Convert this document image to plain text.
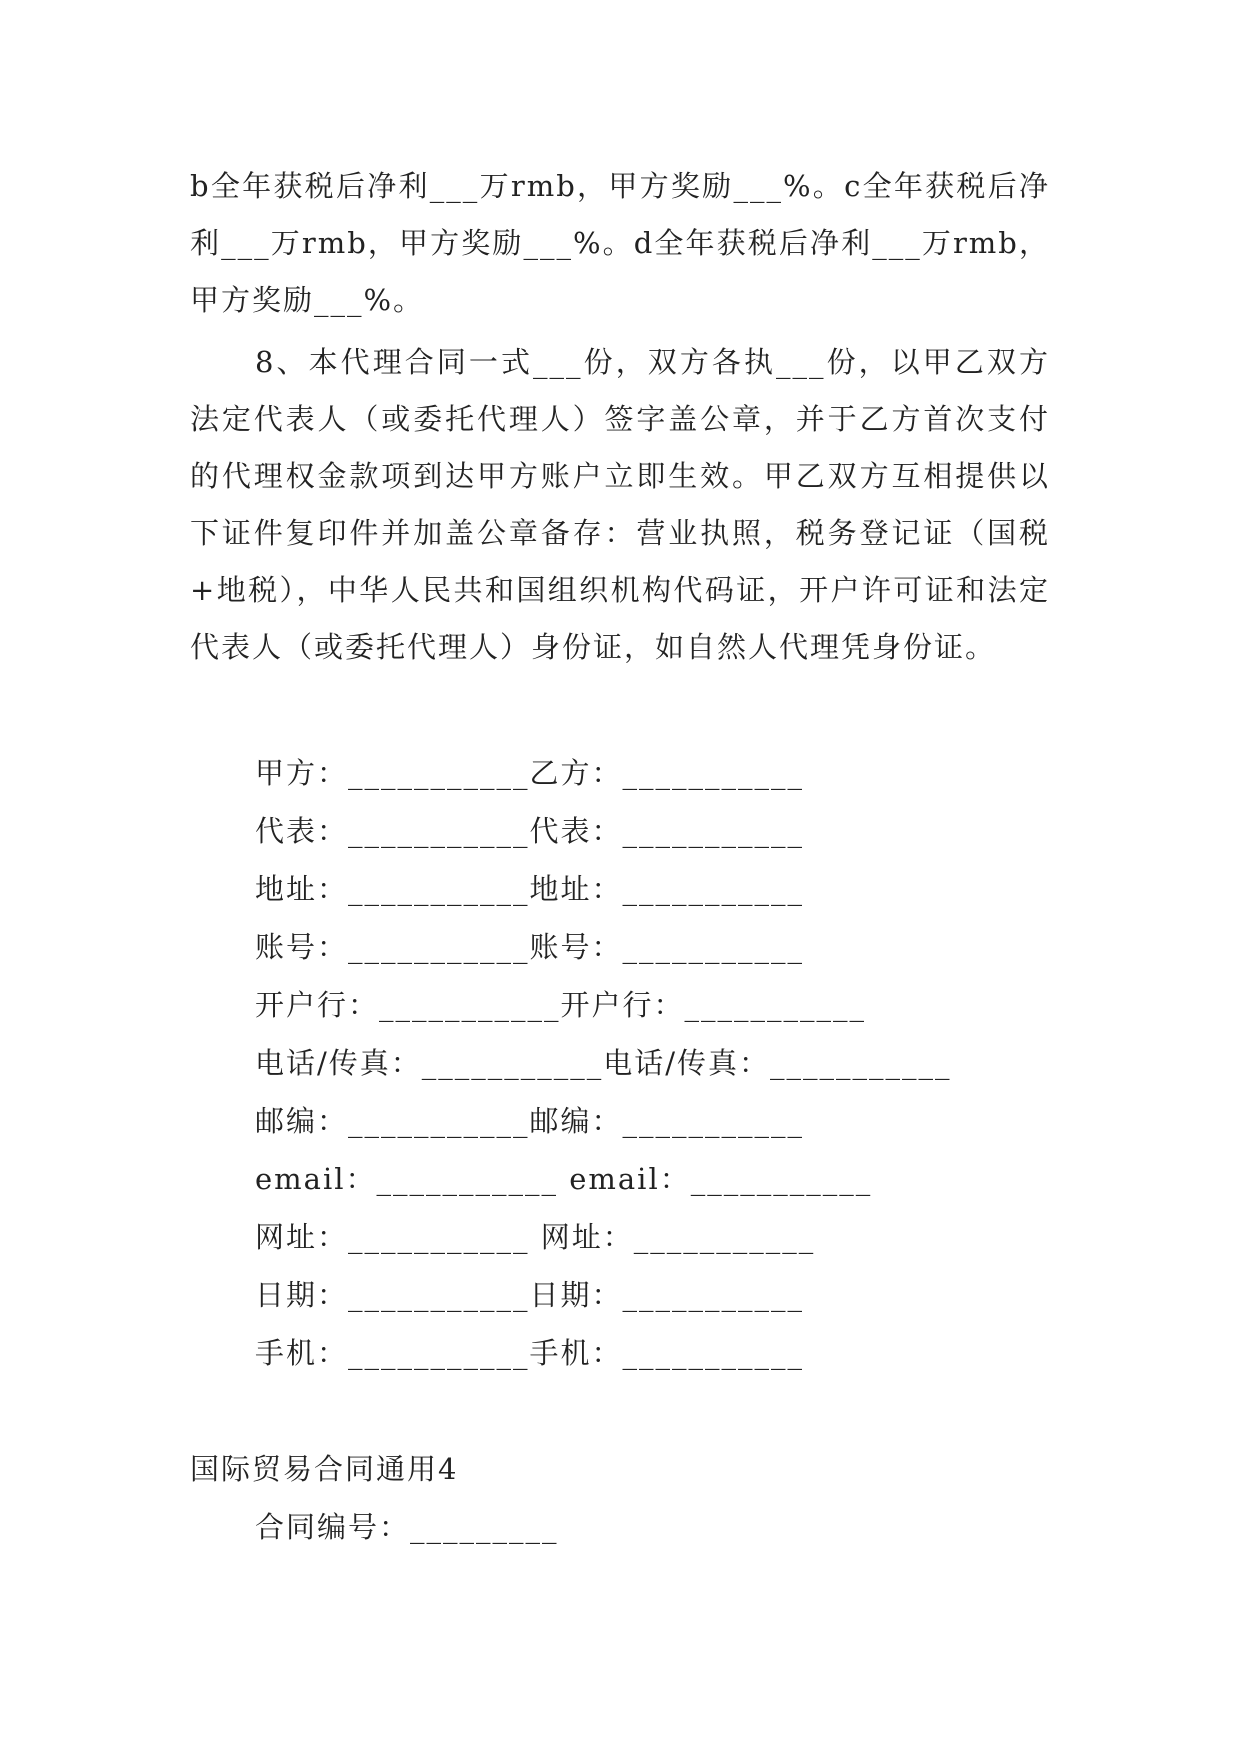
b全年获税后净利___万rmb，甲方奖励___%。c全年获税后净利___万rmb，甲方奖励___%。d全年获税后净利___万rmb，甲方奖励___%。

8、本代理合同一式___份，双方各执___份，以甲乙双方法定代表人（或委托代理人）签字盖公章，并于乙方首次支付的代理权金款项到达甲方账户立即生效。甲乙双方互相提供以下证件复印件并加盖公章备存：营业执照，税务登记证（国税+地税），中华人民共和国组织机构代码证，开户许可证和法定代表人（或委托代理人）身份证，如自然人代理凭身份证。

甲方：___________乙方：___________
代表：___________代表：___________
地址：___________地址：___________
账号：___________账号：___________
开户行：___________开户行：___________
电话/传真：___________电话/传真：___________
邮编：___________邮编：___________
email：___________ email：___________
网址：___________ 网址：___________
日期：___________日期：___________
手机：___________手机：___________
国际贸易合同通用4
合同编号：_________
